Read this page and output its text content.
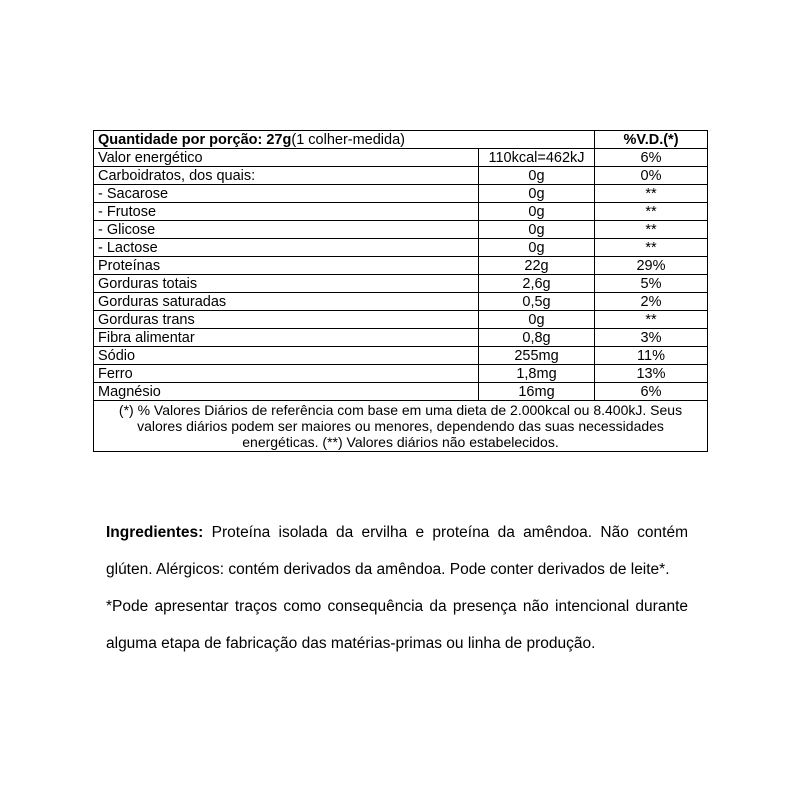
Quantidade por porção: 27g(1 colher-medida)		%V.D.(*)
Valor energético	110kcal=462kJ	6%
Carboidratos, dos quais:	0g	0%
- Sacarose	0g	**
- Frutose	0g	**
- Glicose	0g	**
- Lactose	0g	**
Proteínas	22g	29%
Gorduras totais	2,6g	5%
Gorduras saturadas	0,5g	2%
Gorduras trans	0g	**
Fibra alimentar	0,8g	3%
Sódio	255mg	11%
Ferro	1,8mg	13%
Magnésio	16mg	6%
(*) % Valores Diários de referência com base em uma dieta de 2.000kcal ou 8.400kJ. Seus valores diários podem ser maiores ou menores, dependendo das suas necessidades energéticas. (**) Valores diários não estabelecidos.		

Ingredientes: Proteína isolada da ervilha e proteína da amêndoa. Não contém glúten. Alérgicos: contém derivados da amêndoa. Pode conter derivados de leite*.

*Pode apresentar traços como consequência da presença não intencional durante alguma etapa de fabricação das matérias-primas ou linha de produção.
